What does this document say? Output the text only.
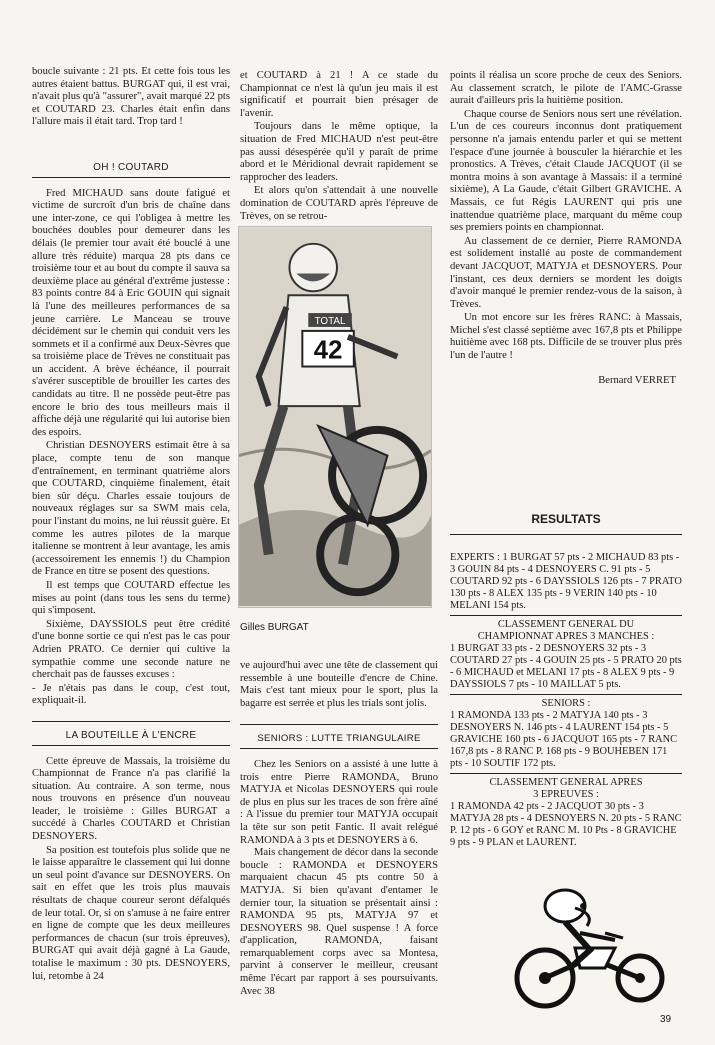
boucle suivante : 21 pts. Et cette fois tous les autres étaient battus. BURGAT qui, il est vrai, n'avait plus qu'à "assurer", avait marqué 22 pts et COUTARD 23. Charles était enfin dans l'allure mais il était tard. Trop tard !

OH ! COUTARD

Fred MICHAUD sans doute fatigué et victime de surcroît d'un bris de chaîne dans une inter-zone, ce qui l'obligea à mettre les bouchées doubles pour demeurer dans les délais (le premier tour avait été bouclé à une allure très réduite) marqua 28 pts dans ce troisième tour et au bout du compte il sauva sa deuxième place au général d'extrême justesse : 83 points contre 84 à Eric GOUIN qui signait là l'une des meilleures performances de sa jeune carrière. Le Manceau se trouve décidément sur le chemin qui conduit vers les sommets et il a confirmé aux Deux-Sèvres que sa troisième place de Trèves ne constituait pas un accident. A brève échéance, il pourrait s'avérer susceptible de brouiller les cartes des candidats au titre. Il ne possède peut-être pas encore le brio des tous meilleurs mais il affiche déjà une régularité qui lui autorise bien des espoirs.

Christian DESNOYERS estimait être à sa place, compte tenu de son manque d'entraînement, en terminant quatrième alors que COUTARD, cinquième finalement, était bien sûr déçu. Charles essaie toujours de nouveaux réglages sur sa SWM mais cela, pour l'instant du moins, ne lui réussit guère. Et comme les autres pilotes de la marque italienne se montrent à leur avantage, les amis (accessoirement les ennemis !) du Champion de France en titre se posent des questions.

Il est temps que COUTARD effectue les mises au point (dans tous les sens du terme) qui s'imposent.

Sixième, DAYSSIOLS peut être crédité d'une bonne sortie ce qui n'est pas le cas pour Adrien PRATO. Ce dernier qui cultive la sympathie comme une seconde nature ne cherchait pas de fausses excuses :

- Je n'étais pas dans le coup, c'est tout, expliquait-il.

LA BOUTEILLE À L'ENCRE

Cette épreuve de Massais, la troisième du Championnat de France n'a pas clarifié la situation. Au contraire. A son terme, nous nous trouvons en présence d'un nouveau leader, le troisième : Gilles BURGAT a succédé à Charles COUTARD et Christian DESNOYERS.

Sa position est toutefois plus solide que ne le laisse apparaître le classement qui lui donne un seul point d'avance sur DESNOYERS. On sait en effet que les trois plus mauvais résultats de chaque coureur seront défalqués de leur total. Or, si on s'amuse à ne faire entrer en ligne de compte que les deux meilleures performances de chacun (sur trois épreuves), BURGAT qui avait déjà gagné à La Gaude, totalise le maximum : 30 pts. DESNOYERS, lui, retombe à 24

et COUTARD à 21 ! A ce stade du Championnat ce n'est là qu'un jeu mais il est significatif et pourrait bien présager de l'avenir.

Toujours dans le même optique, la situation de Fred MICHAUD n'est peut-être pas aussi désespérée qu'il y paraît de prime abord et le Méridional devrait rapidement se rapprocher des leaders.

Et alors qu'on s'attendait à une nouvelle domination de COUTARD après l'épreuve de Trèves, on se retrou-

TOTAL
42
Gilles BURGAT

ve aujourd'hui avec une tête de classement qui ressemble à une bouteille d'encre de Chine. Mais c'est tant mieux pour le sport, plus la bagarre est serrée et plus les trials sont jolis.

SENIORS : LUTTE TRIANGULAIRE

Chez les Seniors on a assisté à une lutte à trois entre Pierre RAMONDA, Bruno MATYJA et Nicolas DESNOYERS qui roule de plus en plus sur les traces de son frère aîné : A l'issue du premier tour MATYJA occupait la tête sur son petit Fantic. Il avait relégué RAMONDA à 3 pts et DESNOYERS à 6.

Mais changement de décor dans la seconde boucle : RAMONDA et DESNOYERS marquaient chacun 45 pts contre 50 à MATYJA. Si bien qu'avant d'entamer le dernier tour, la situation se présentait ainsi : RAMONDA 95 pts, MATYJA 97 et DESNOYERS 98. Quel suspense ! A force d'application, RAMONDA, faisant remarquablement corps avec sa Montesa, parvint à conserver le meilleur, creusant même l'écart par rapport à ses poursuivants. Avec 38

points il réalisa un score proche de ceux des Seniors. Au classement scratch, le pilote de l'AMC-Grasse aurait d'ailleurs pris la huitième position.

Chaque course de Seniors nous sert une révélation. L'un de ces coureurs inconnus dont pratiquement personne n'a jamais entendu parler et qui se mettent l'espace d'une journée à bousculer la hiérarchie et les pronostics. A Trèves, c'était Claude JACQUOT (il se montra moins à son avantage à Massais: il a terminé sixième), A La Gaude, c'était Gilbert GRAVICHE. A Massais, ce fut Régis LAURENT qui pris une inattendue quatrième place, marquant du même coup ses premiers points en championnat.

Au classement de ce dernier, Pierre RAMONDA est solidement installé au poste de commandement devant JACQUOT, MATYJA et DESNOYERS. Pour l'instant, ces deux derniers se mordent les doigts d'avoir manqué le premier rendez-vous de la saison, à Trèves.

Un mot encore sur les frères RANC: à Massais, Michel s'est classé septième avec 167,8 pts et Philippe huitième avec 168 pts. Difficile de se trouver plus près l'un de l'autre !

Bernard VERRET
RESULTATS

EXPERTS : 1 BURGAT 57 pts - 2 MICHAUD 83 pts - 3 GOUIN 84 pts - 4 DESNOYERS C. 91 pts - 5 COUTARD 92 pts - 6 DAYSSIOLS 126 pts - 7 PRATO 130 pts - 8 ALEX 135 pts - 9 VERIN 140 pts - 10 MELANI 154 pts.

CLASSEMENT GENERAL DU

CHAMPIONNAT APRES 3 MANCHES :

1 BURGAT 33 pts - 2 DESNOYERS 32 pts - 3 COUTARD 27 pts - 4 GOUIN 25 pts - 5 PRATO 20 pts - 6 MICHAUD et MELANI 17 pts - 8 ALEX 9 pts - 9 DAYSSIOLS 7 pts - 10 MAILLAT 5 pts.

SENIORS :

1 RAMONDA 133 pts - 2 MATYJA 140 pts - 3 DESNOYERS N. 146 pts - 4 LAURENT 154 pts - 5 GRAVICHE 160 pts - 6 JACQUOT 165 pts - 7 RANC 167,8 pts - 8 RANC P. 168 pts - 9 BOUHEBEN 171 pts - 10 SOUTIF 172 pts.

CLASSEMENT GENERAL APRES

3 EPREUVES :

1 RAMONDA 42 pts - 2 JACQUOT 30 pts - 3 MATYJA 28 pts - 4 DESNOYERS N. 20 pts - 5 RANC P. 12 pts - 6 GOY et RANC M. 10 Pts - 8 GRAVICHE 9 pts - 9 PLAN et LAURENT.

39
